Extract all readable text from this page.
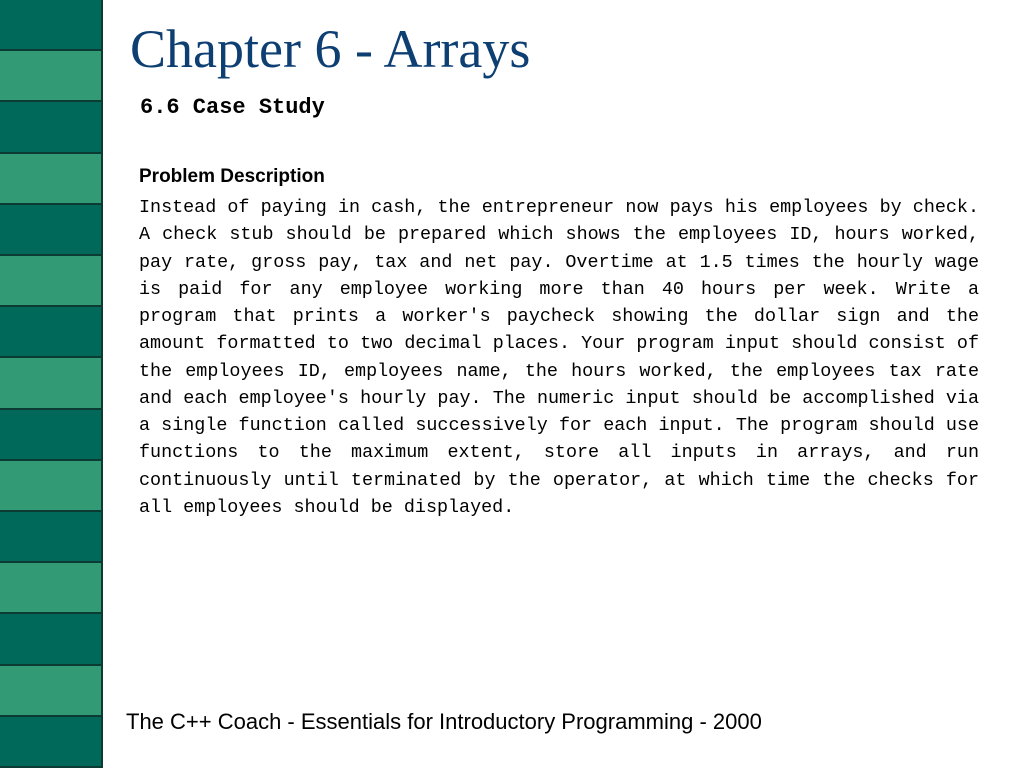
Chapter 6 - Arrays
6.6 Case Study
Problem Description

Instead of paying in cash, the entrepreneur now pays his employees by check. A check stub should be prepared which shows the employees ID, hours worked, pay rate, gross pay, tax and net pay. Overtime at 1.5 times the hourly wage is paid for any employee working more than 40 hours per week. Write a program that prints a worker's paycheck showing the dollar sign and the amount formatted to two decimal places. Your program input should consist of the employees ID, employees name, the hours worked, the employees tax rate and each employee's hourly pay. The numeric input should be accomplished via a single function called successively for each input. The program should use functions to the maximum extent, store all inputs in arrays, and run continuously until terminated by the operator, at which time the checks for all employees should be displayed.

The C++ Coach - Essentials for Introductory Programming - 2000
